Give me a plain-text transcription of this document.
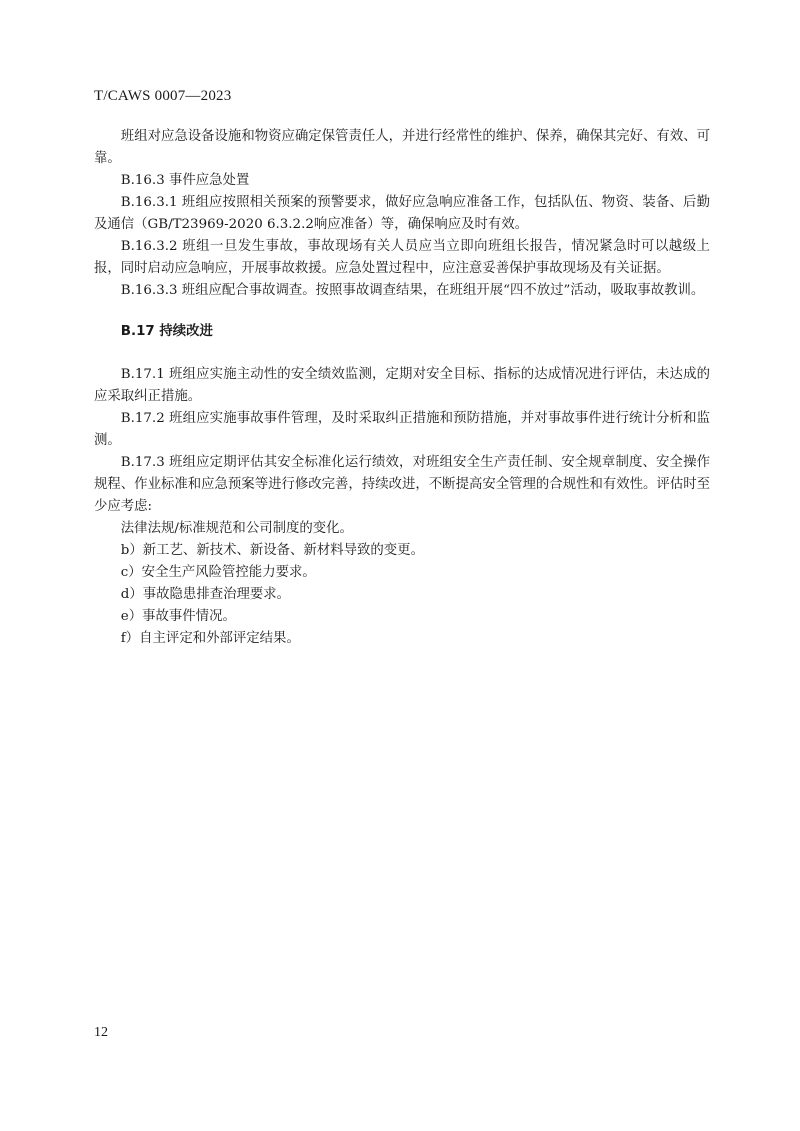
T/CAWS 0007—2023

班组对应急设备设施和物资应确定保管责任人，并进行经常性的维护、保养，确保其完好、有效、可靠。

B.16.3 事件应急处置

B.16.3.1 班组应按照相关预案的预警要求，做好应急响应准备工作，包括队伍、物资、装备、后勤及通信（GB/T23969-2020 6.3.2.2响应准备）等，确保响应及时有效。

B.16.3.2 班组一旦发生事故，事故现场有关人员应当立即向班组长报告，情况紧急时可以越级上报，同时启动应急响应，开展事故救援。应急处置过程中，应注意妥善保护事故现场及有关证据。

B.16.3.3 班组应配合事故调查。按照事故调查结果，在班组开展“四不放过”活动，吸取事故教训。

B.17 持续改进

B.17.1 班组应实施主动性的安全绩效监测，定期对安全目标、指标的达成情况进行评估，未达成的应采取纠正措施。

B.17.2 班组应实施事故事件管理，及时采取纠正措施和预防措施，并对事故事件进行统计分析和监测。

B.17.3 班组应定期评估其安全标准化运行绩效，对班组安全生产责任制、安全规章制度、安全操作规程、作业标准和应急预案等进行修改完善，持续改进，不断提高安全管理的合规性和有效性。评估时至少应考虑:

法律法规/标准规范和公司制度的变化。
b）新工艺、新技术、新设备、新材料导致的变更。
c）安全生产风险管控能力要求。
d）事故隐患排查治理要求。
e）事故事件情况。
f）自主评定和外部评定结果。
12
